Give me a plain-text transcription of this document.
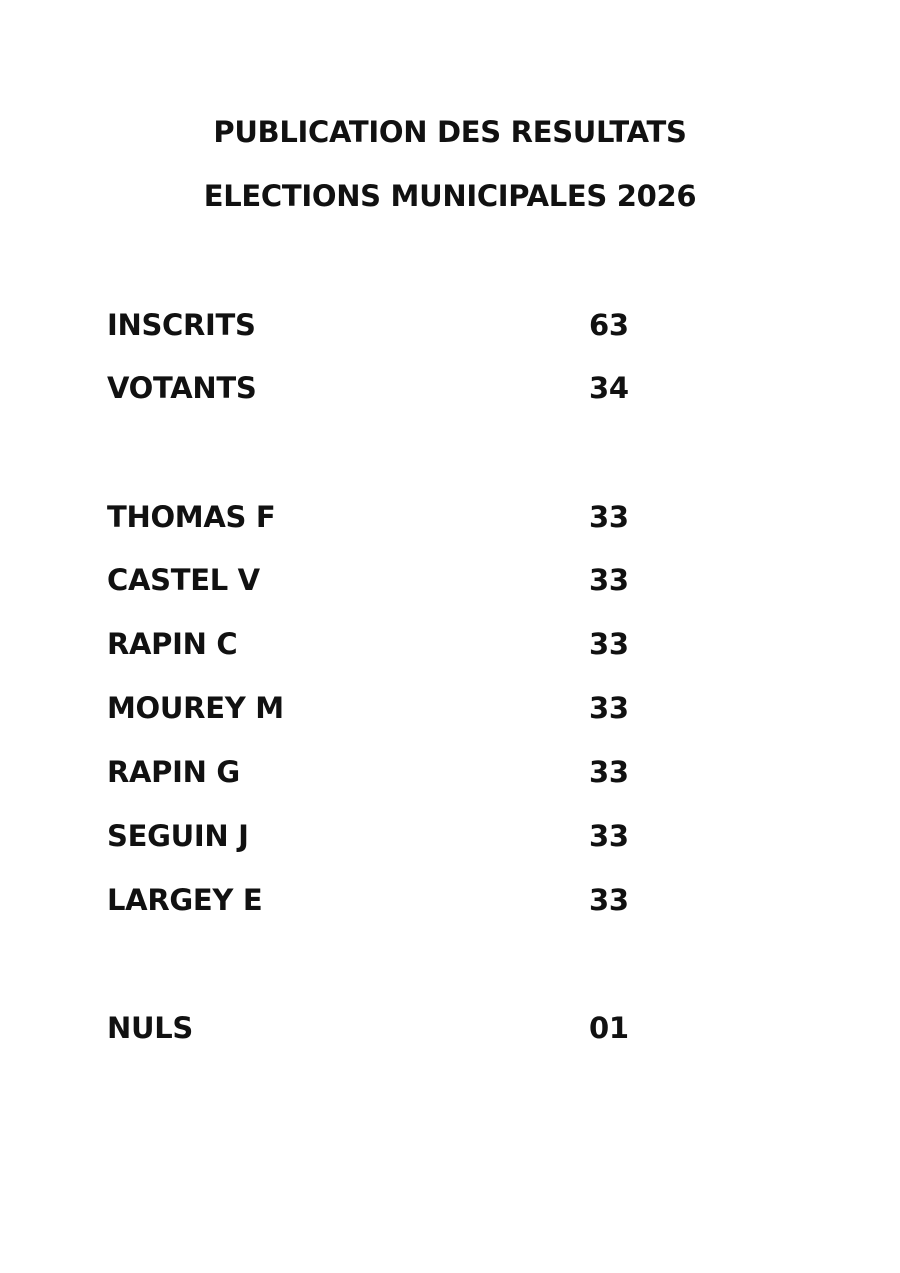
PUBLICATION DES RESULTATS
ELECTIONS MUNICIPALES 2026
INSCRITS	63
VOTANTS	34
THOMAS F	33
CASTEL V	33
RAPIN C	33
MOUREY M	33
RAPIN G	33
SEGUIN J	33
LARGEY E	33
NULS	01
